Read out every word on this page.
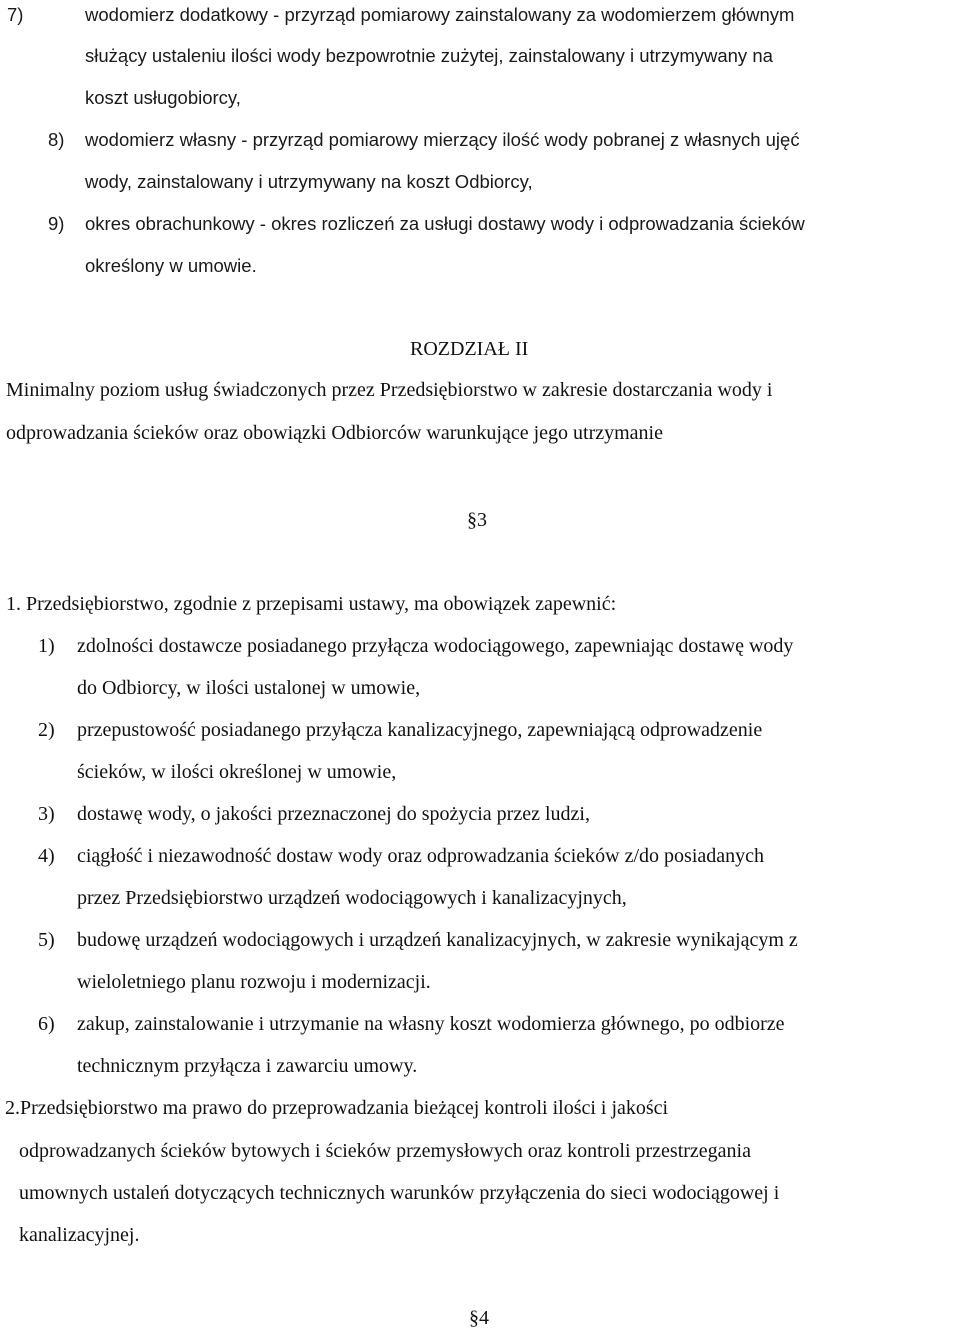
7)	wodomierz dodatkowy - przyrząd pomiarowy zainstalowany za wodomierzem głównym
służący ustaleniu ilości wody bezpowrotnie zużytej, zainstalowany i utrzymywany na
koszt usługobiorcy,
8) wodomierz własny - przyrząd pomiarowy mierzący ilość wody pobranej z własnych ujęć
wody, zainstalowany i utrzymywany na koszt Odbiorcy,
9) okres obrachunkowy - okres rozliczeń za usługi dostawy wody i odprowadzania ścieków
określony w umowie.
ROZDZIAŁ II
Minimalny poziom usług świadczonych przez Przedsiębiorstwo w zakresie dostarczania wody i
odprowadzania ścieków oraz obowiązki Odbiorców warunkujące jego utrzymanie
§3
1. Przedsiębiorstwo, zgodnie z przepisami ustawy, ma obowiązek zapewnić:
1) zdolności dostawcze posiadanego przyłącza wodociągowego, zapewniając dostawę wody
do Odbiorcy, w ilości ustalonej w umowie,
2) przepustowość posiadanego przyłącza kanalizacyjnego, zapewniającą odprowadzenie
ścieków, w ilości określonej w umowie,
3) dostawę wody, o jakości przeznaczonej do spożycia przez ludzi,
4) ciągłość i niezawodność dostaw wody oraz odprowadzania ścieków z/do posiadanych
przez Przedsiębiorstwo urządzeń wodociągowych i kanalizacyjnych,
5) budowę urządzeń wodociągowych i urządzeń kanalizacyjnych, w zakresie wynikającym z
wieloletniego planu rozwoju i modernizacji.
6) zakup, zainstalowanie i utrzymanie na własny koszt wodomierza głównego, po odbiorze
technicznym przyłącza i zawarciu umowy.
2.Przedsiębiorstwo ma prawo do przeprowadzania bieżącej kontroli ilości i jakości
odprowadzanych ścieków bytowych i ścieków przemysłowych oraz kontroli przestrzegania
umownych ustaleń dotyczących technicznych warunków przyłączenia do sieci wodociągowej i
kanalizacyjnej.
§4
